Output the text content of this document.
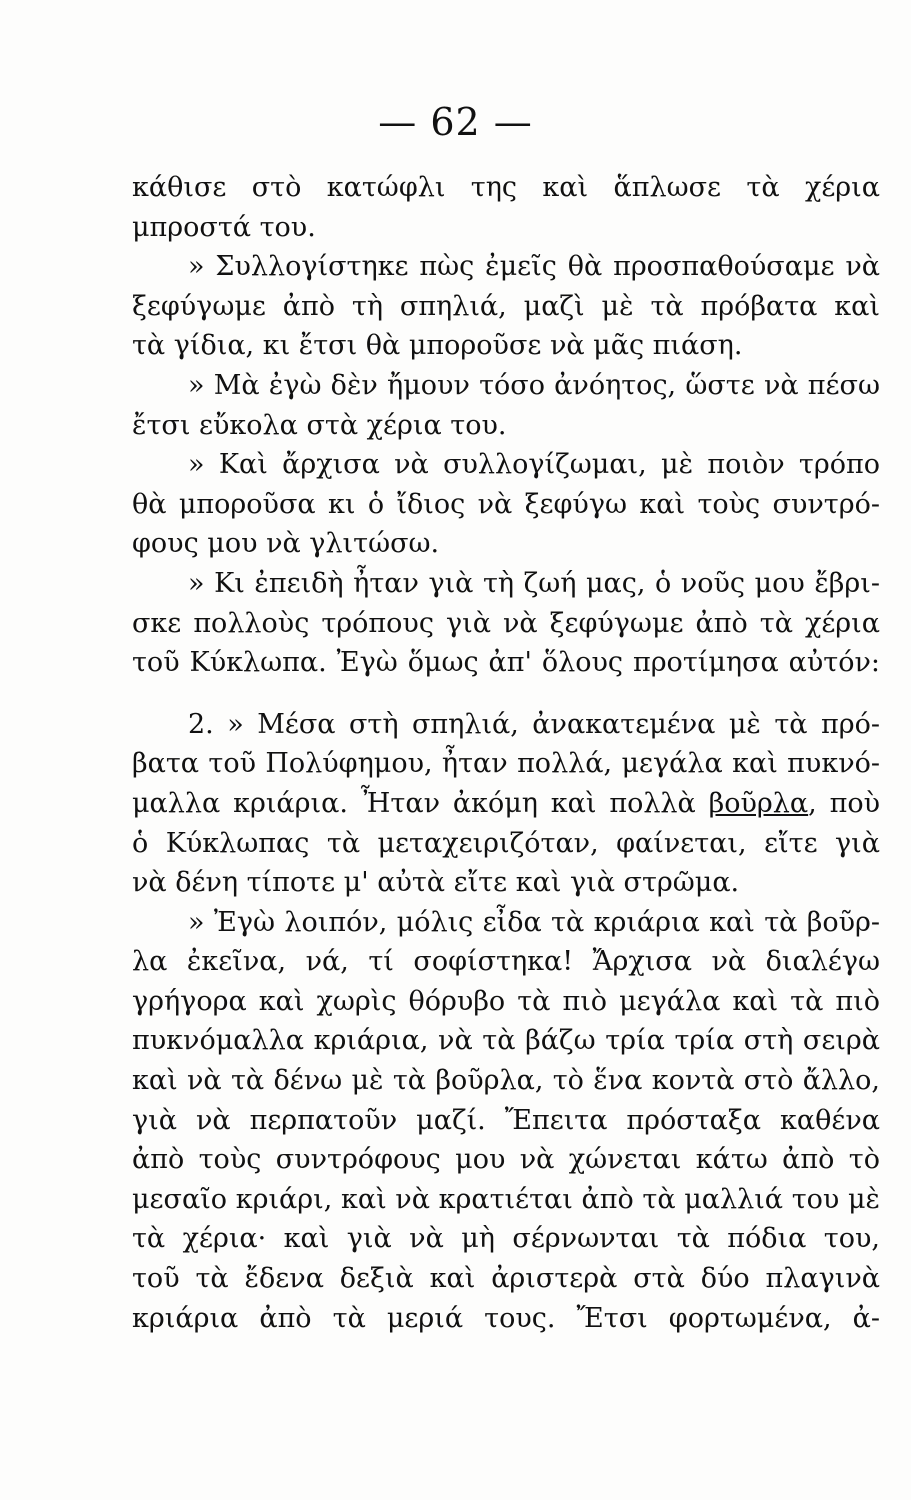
— 62 —
κάθισε στὸ κατώφλι της καὶ ἅπλωσε τὰ χέρια
μπροστά του.
» Συλλογίστηκε πὼς ἐμεῖς θὰ προσπαθούσαμε νὰ
ξεφύγωμε ἀπὸ τὴ σπηλιά, μαζὶ μὲ τὰ πρόβατα καὶ
τὰ γίδια, κι ἔτσι θὰ μποροῦσε νὰ μᾶς πιάση.
» Μὰ ἐγὼ δὲν ἤμουν τόσο ἀνόητος, ὥστε νὰ πέσω
ἔτσι εὔκολα στὰ χέρια του.
» Καὶ ἄρχισα νὰ συλλογίζωμαι, μὲ ποιὸν τρόπο
θὰ μποροῦσα κι ὁ ἴδιος νὰ ξεφύγω καὶ τοὺς συντρό-
φους μου νὰ γλιτώσω.
» Κι ἐπειδὴ ἦταν γιὰ τὴ ζωή μας, ὁ νοῦς μου ἔβρι-
σκε πολλοὺς τρόπους γιὰ νὰ ξεφύγωμε ἀπὸ τὰ χέρια
τοῦ Κύκλωπα. Ἐγὼ ὅμως ἀπ' ὅλους προτίμησα αὐτόν:
2. » Μέσα στὴ σπηλιά, ἀνακατεμένα μὲ τὰ πρό-
βατα τοῦ Πολύφημου, ἦταν πολλά, μεγάλα καὶ πυκνό-
μαλλα κριάρια. Ἦταν ἀκόμη καὶ πολλὰ βοῦρλα, ποὺ
ὁ Κύκλωπας τὰ μεταχειριζόταν, φαίνεται, εἴτε γιὰ
νὰ δένη τίποτε μ' αὐτὰ εἴτε καὶ γιὰ στρῶμα.
» Ἐγὼ λοιπόν, μόλις εἶδα τὰ κριάρια καὶ τὰ βοῦρ-
λα ἐκεῖνα, νά, τί σοφίστηκα! Ἄρχισα νὰ διαλέγω
γρήγορα καὶ χωρὶς θόρυβο τὰ πιὸ μεγάλα καὶ τὰ πιὸ
πυκνόμαλλα κριάρια, νὰ τὰ βάζω τρία τρία στὴ σειρὰ
καὶ νὰ τὰ δένω μὲ τὰ βοῦρλα, τὸ ἕνα κοντὰ στὸ ἄλλο,
γιὰ νὰ περπατοῦν μαζί. Ἔπειτα πρόσταξα καθένα
ἀπὸ τοὺς συντρόφους μου νὰ χώνεται κάτω ἀπὸ τὸ
μεσαῖο κριάρι, καὶ νὰ κρατιέται ἀπὸ τὰ μαλλιά του μὲ
τὰ χέρια· καὶ γιὰ νὰ μὴ σέρνωνται τὰ πόδια του,
τοῦ τὰ ἔδενα δεξιὰ καὶ ἀριστερὰ στὰ δύο πλαγινὰ
κριάρια ἀπὸ τὰ μεριά τους. Ἔτσι φορτωμένα, ἀ-
